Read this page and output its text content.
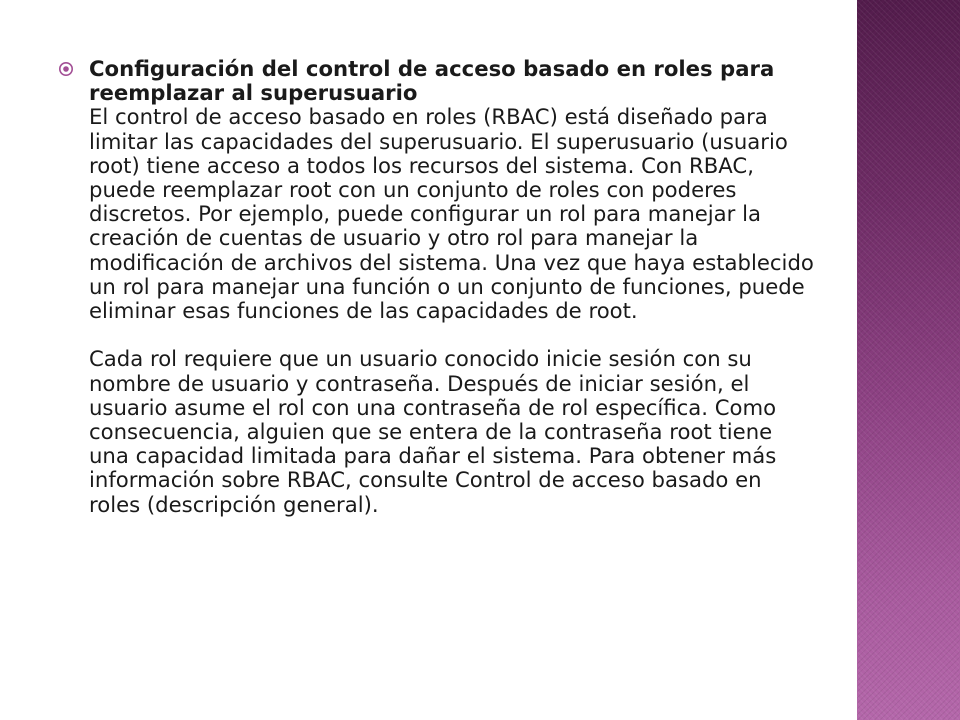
Configuración del control de acceso basado en roles para
reemplazar al superusuario
El control de acceso basado en roles (RBAC) está diseñado para
limitar las capacidades del superusuario. El superusuario (usuario
root) tiene acceso a todos los recursos del sistema. Con RBAC,
puede reemplazar root con un conjunto de roles con poderes
discretos. Por ejemplo, puede configurar un rol para manejar la
creación de cuentas de usuario y otro rol para manejar la
modificación de archivos del sistema. Una vez que haya establecido
un rol para manejar una función o un conjunto de funciones, puede
eliminar esas funciones de las capacidades de root.
Cada rol requiere que un usuario conocido inicie sesión con su
nombre de usuario y contraseña. Después de iniciar sesión, el
usuario asume el rol con una contraseña de rol específica. Como
consecuencia, alguien que se entera de la contraseña root tiene
una capacidad limitada para dañar el sistema. Para obtener más
información sobre RBAC, consulte Control de acceso basado en
roles (descripción general).
